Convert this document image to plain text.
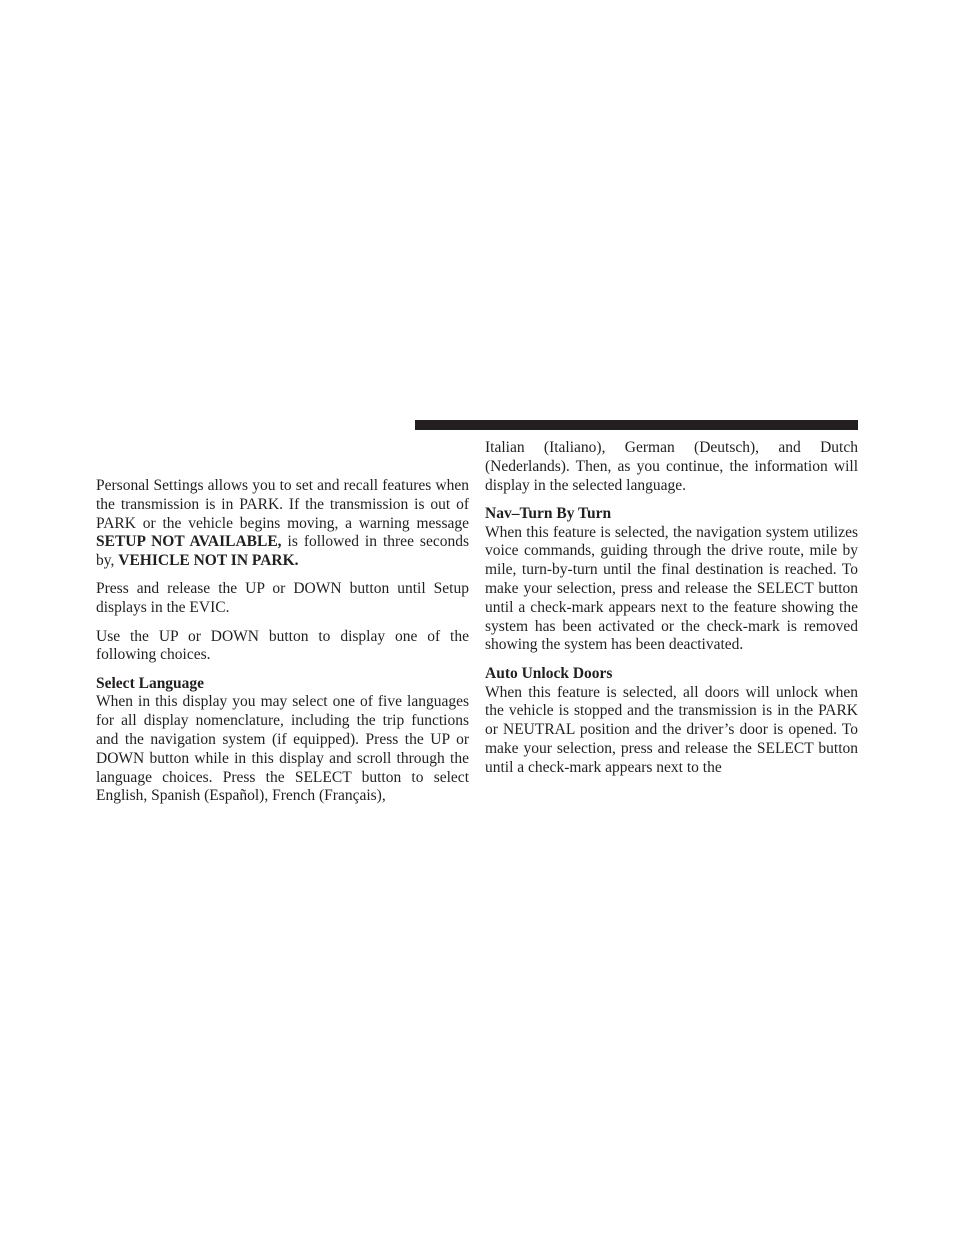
Personal Settings allows you to set and recall features when the transmission is in PARK. If the transmission is out of PARK or the vehicle begins moving, a warning message SETUP NOT AVAILABLE, is followed in three seconds by, VEHICLE NOT IN PARK.

Press and release the UP or DOWN button until Setup displays in the EVIC.

Use the UP or DOWN button to display one of the following choices.

Select Language

When in this display you may select one of five languages for all display nomenclature, including the trip functions and the navigation system (if equipped). Press the UP or DOWN button while in this display and scroll through the language choices. Press the SELECT button to select English, Spanish (Español), French (Français),

Italian (Italiano), German (Deutsch), and Dutch (Nederlands). Then, as you continue, the information will display in the selected language.

Nav–Turn By Turn

When this feature is selected, the navigation system utilizes voice commands, guiding through the drive route, mile by mile, turn-by-turn until the final destination is reached. To make your selection, press and release the SELECT button until a check-mark appears next to the feature showing the system has been activated or the check-mark is removed showing the system has been deactivated.

Auto Unlock Doors

When this feature is selected, all doors will unlock when the vehicle is stopped and the transmission is in the PARK or NEUTRAL position and the driver’s door is opened. To make your selection, press and release the SELECT button until a check-mark appears next to the
